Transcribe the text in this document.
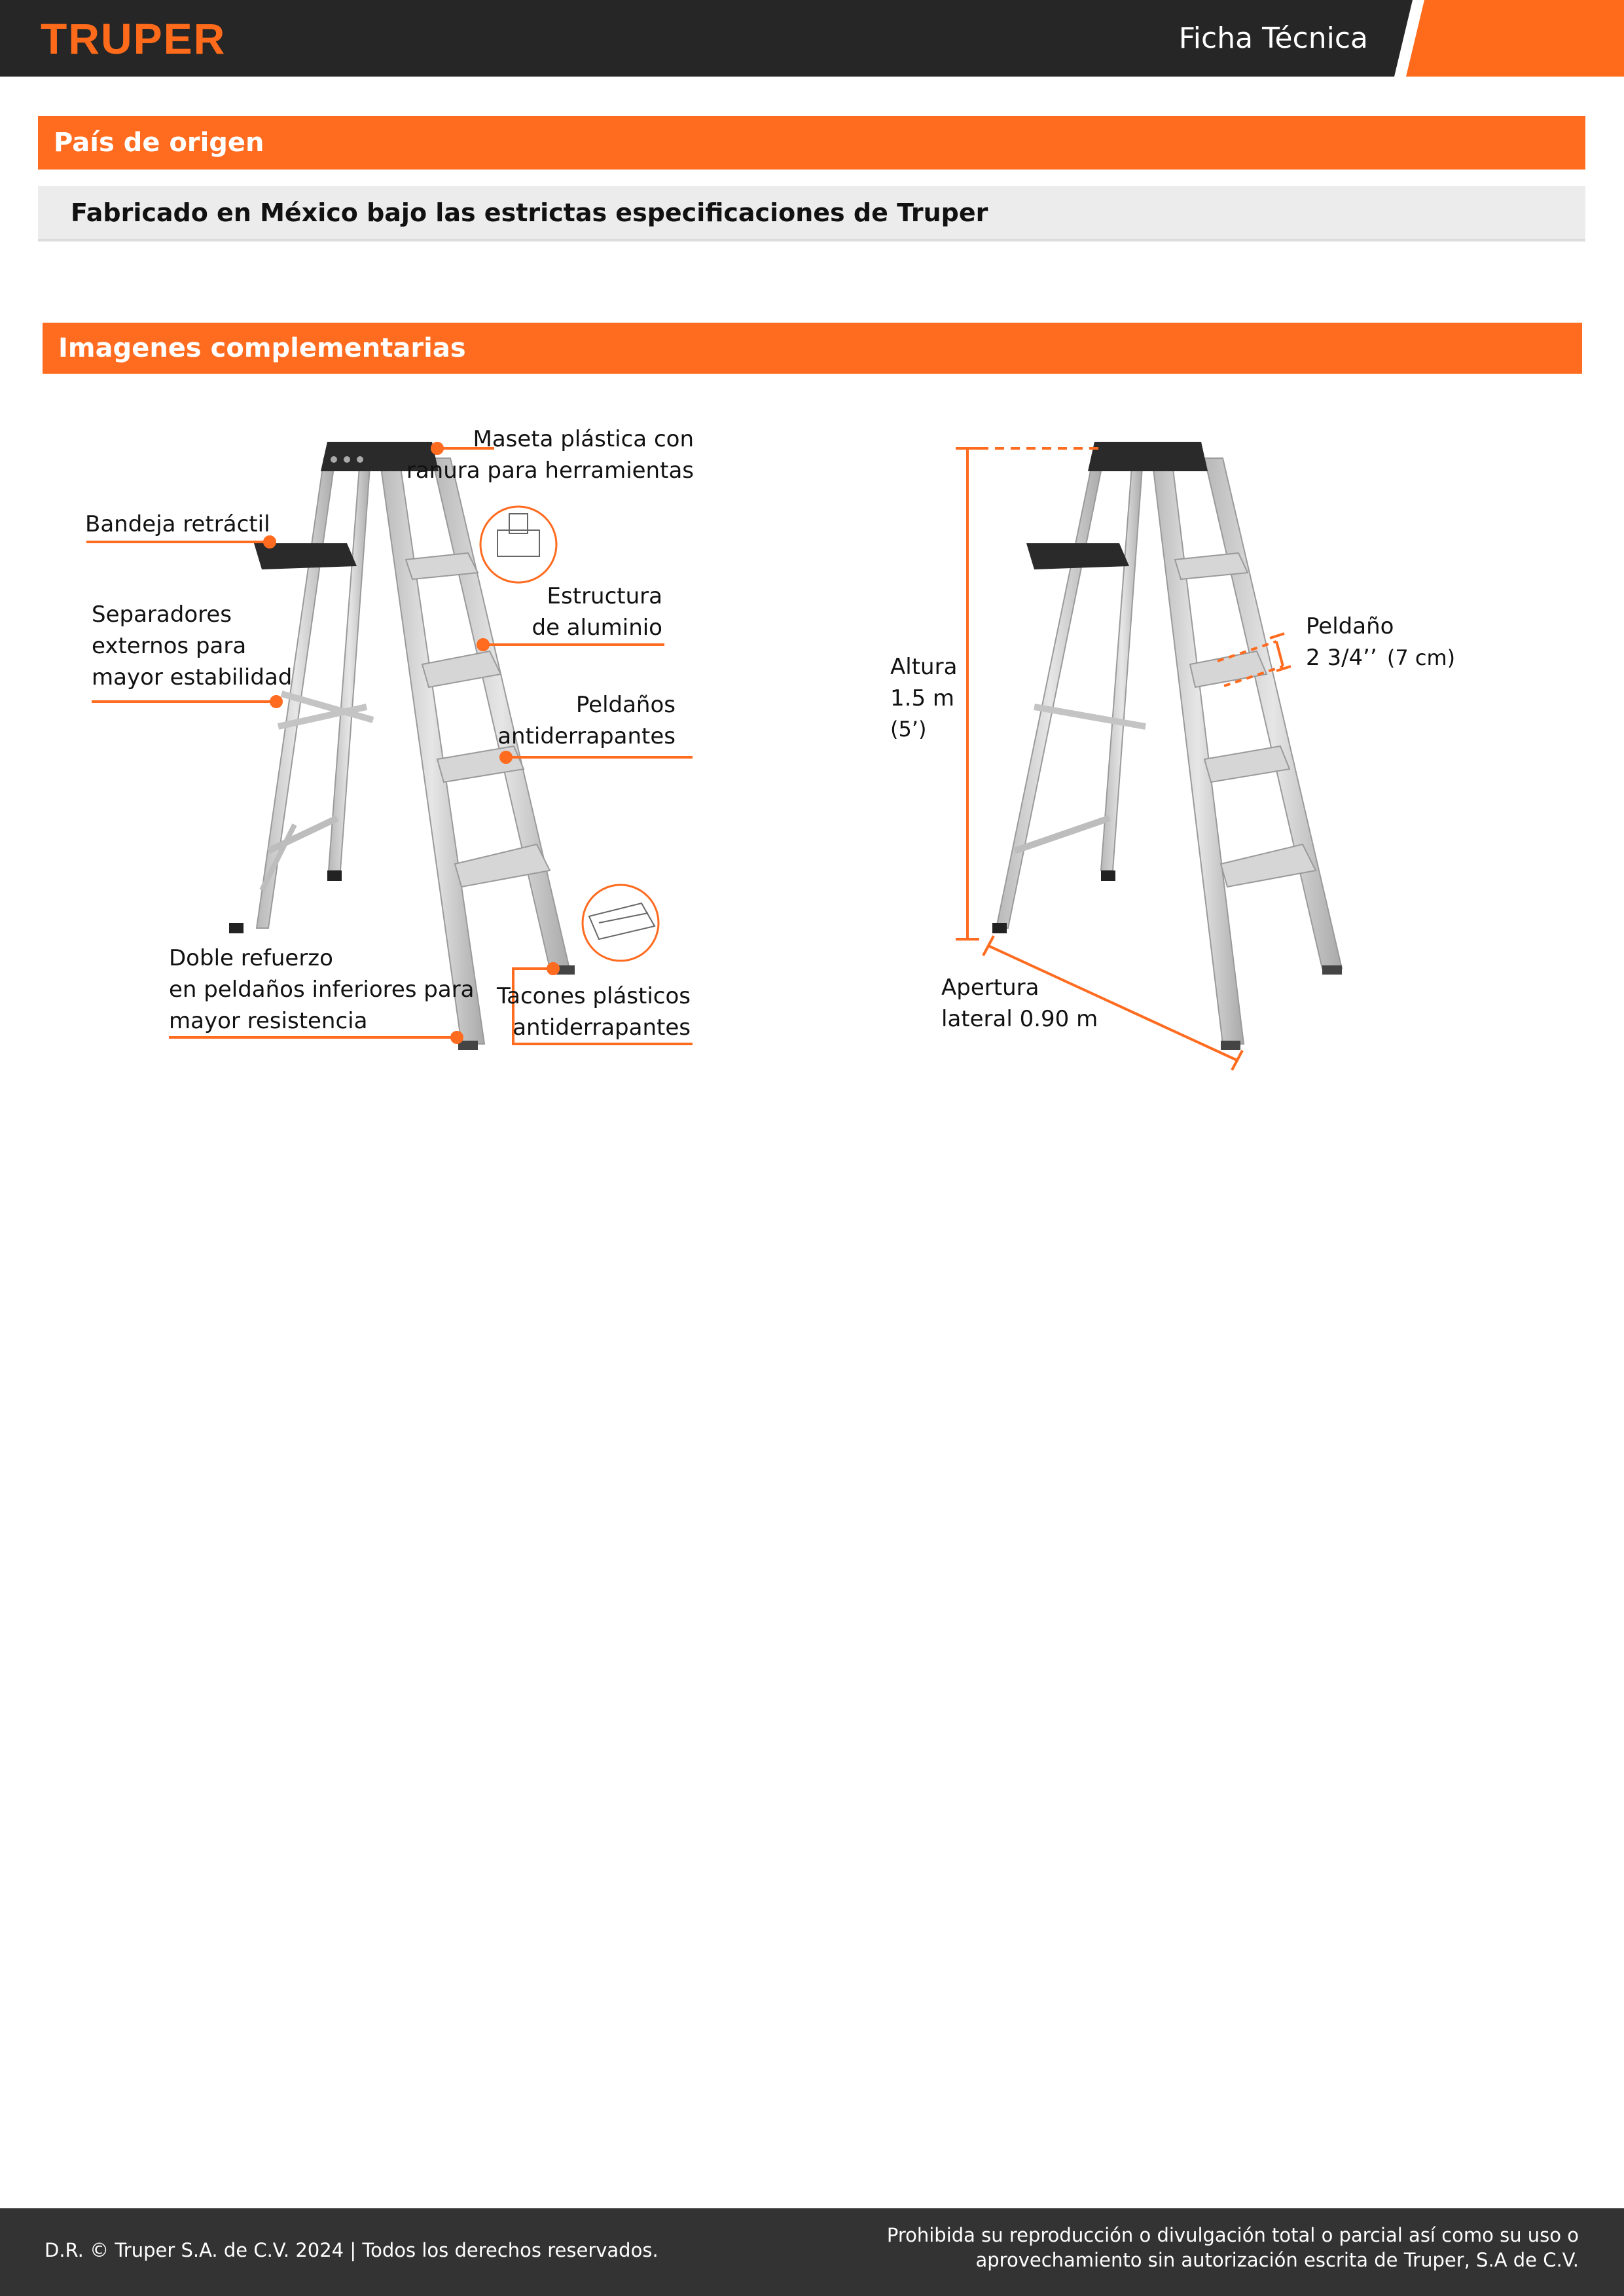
TRUPER	Ficha Técnica
País de origen
Fabricado en México bajo las estrictas especificaciones de Truper
Imagenes complementarias
Maseta plástica con
ranura para herramientas
Bandeja retráctil
Separadores
externos para
mayor estabilidad
Estructura
de aluminio
Peldaños
antiderrapantes
Doble refuerzo
en peldaños inferiores para
mayor resistencia
Tacones plásticos
antiderrapantes
Altura
1.5 m
(5’)
Peldaño
2 3/4’’ (7 cm)
Apertura
lateral 0.90 m
D.R. © Truper S.A. de C.V. 2024 | Todos los derechos reservados.
Prohibida su reproducción o divulgación total o parcial así como su uso o
aprovechamiento sin autorización escrita de Truper, S.A de C.V.
